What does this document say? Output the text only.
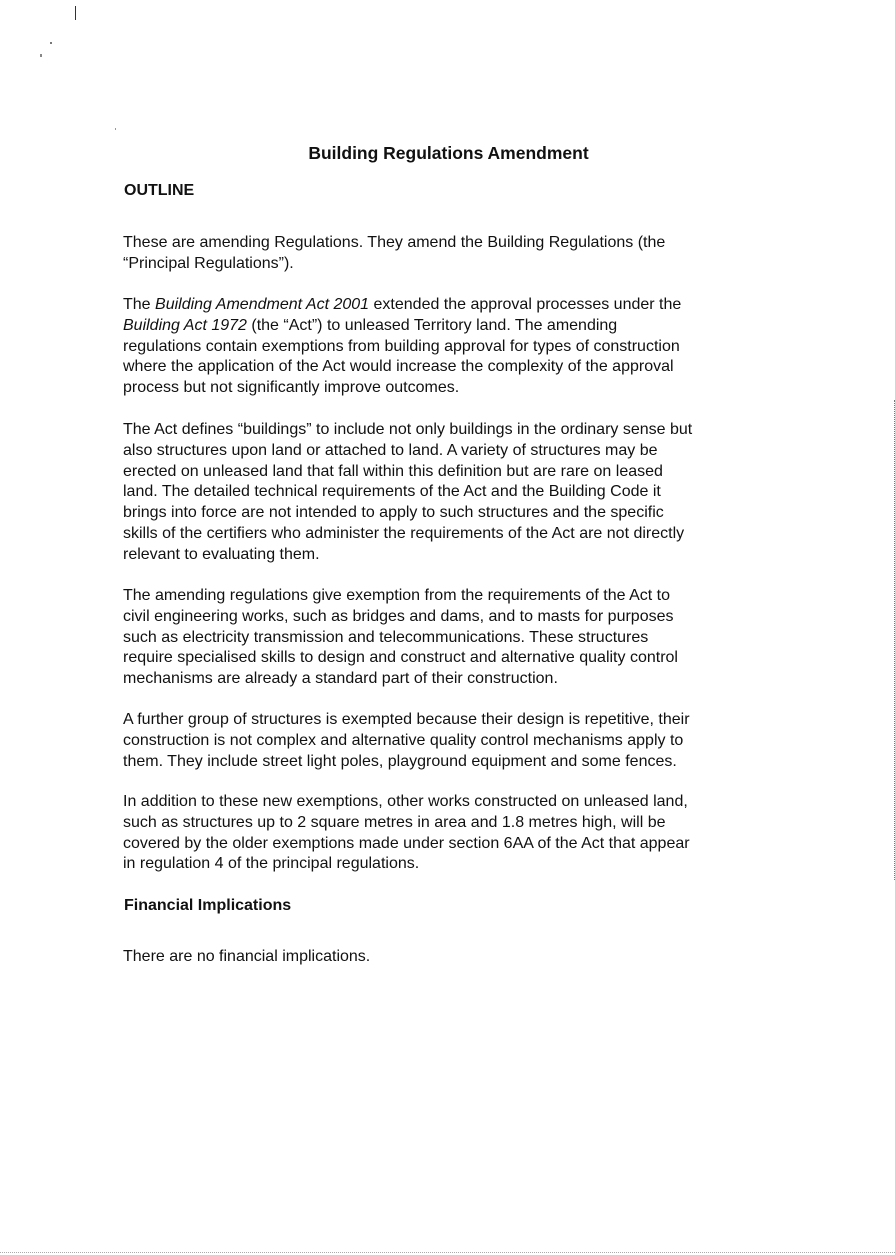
Building Regulations Amendment
OUTLINE

These are amending Regulations. They amend the Building Regulations (the
“Principal Regulations”).

The Building Amendment Act 2001 extended the approval processes under the
Building Act 1972 (the “Act”) to unleased Territory land. The amending
regulations contain exemptions from building approval for types of construction
where the application of the Act would increase the complexity of the approval
process but not significantly improve outcomes.

The Act defines “buildings” to include not only buildings in the ordinary sense but
also structures upon land or attached to land. A variety of structures may be
erected on unleased land that fall within this definition but are rare on leased
land. The detailed technical requirements of the Act and the Building Code it
brings into force are not intended to apply to such structures and the specific
skills of the certifiers who administer the requirements of the Act are not directly
relevant to evaluating them.

The amending regulations give exemption from the requirements of the Act to
civil engineering works, such as bridges and dams, and to masts for purposes
such as electricity transmission and telecommunications. These structures
require specialised skills to design and construct and alternative quality control
mechanisms are already a standard part of their construction.

A further group of structures is exempted because their design is repetitive, their
construction is not complex and alternative quality control mechanisms apply to
them. They include street light poles, playground equipment and some fences.

In addition to these new exemptions, other works constructed on unleased land,
such as structures up to 2 square metres in area and 1.8 metres high, will be
covered by the older exemptions made under section 6AA of the Act that appear
in regulation 4 of the principal regulations.

Financial Implications

There are no financial implications.
